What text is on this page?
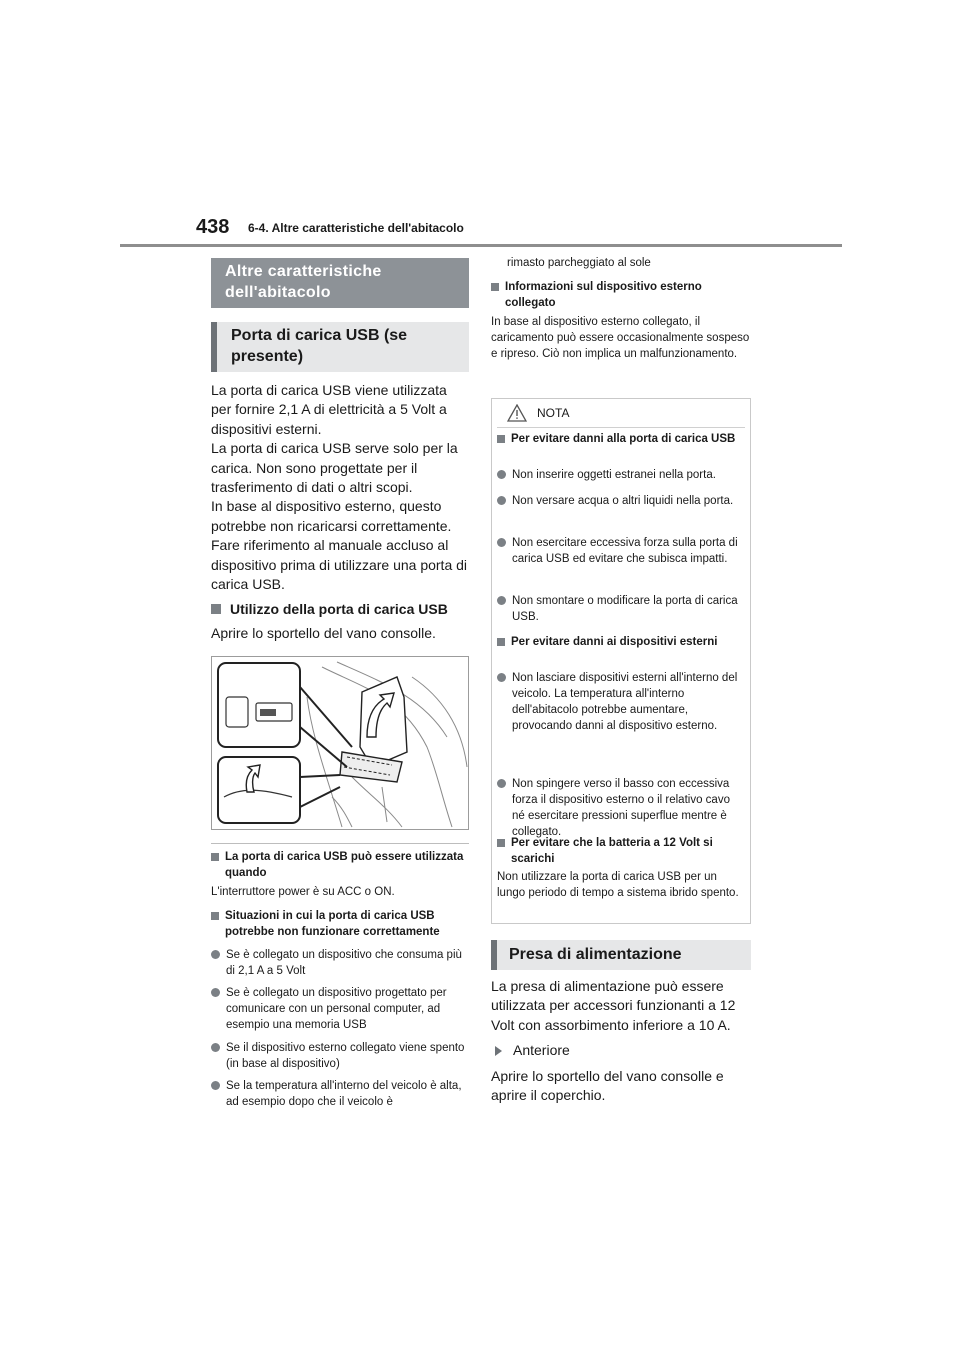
438 6-4. Altre caratteristiche dell'abitacolo
Altre caratteristiche dell'abitacolo
Porta di carica USB (se presente)
La porta di carica USB viene utilizzata per fornire 2,1 A di elettricità a 5 Volt a dispositivi esterni.
La porta di carica USB serve solo per la carica. Non sono progettate per il trasferimento di dati o altri scopi.
In base al dispositivo esterno, questo potrebbe non ricaricarsi correttamente. Fare riferimento al manuale accluso al dispositivo prima di utilizzare una porta di carica USB.
Utilizzo della porta di carica USB
Aprire lo sportello del vano consolle.
La porta di carica USB può essere utilizzata quando
L'interruttore power è su ACC o ON.
Situazioni in cui la porta di carica USB potrebbe non funzionare correttamente
Se è collegato un dispositivo che consuma più di 2,1 A a 5 Volt
Se è collegato un dispositivo progettato per comunicare con un personal computer, ad esempio una memoria USB
Se il dispositivo esterno collegato viene spento (in base al dispositivo)
Se la temperatura all'interno del veicolo è alta, ad esempio dopo che il veicolo è
rimasto parcheggiato al sole
Informazioni sul dispositivo esterno collegato
In base al dispositivo esterno collegato, il caricamento può essere occasionalmente sospeso e ripreso. Ciò non implica un malfunzionamento.
NOTA
Per evitare danni alla porta di carica USB
Non inserire oggetti estranei nella porta.
Non versare acqua o altri liquidi nella porta.
Non esercitare eccessiva forza sulla porta di carica USB ed evitare che subisca impatti.
Non smontare o modificare la porta di carica USB.
Per evitare danni ai dispositivi esterni
Non lasciare dispositivi esterni all'interno del veicolo. La temperatura all'interno dell'abitacolo potrebbe aumentare, provocando danni al dispositivo esterno.
Non spingere verso il basso con eccessiva forza il dispositivo esterno o il relativo cavo né esercitare pressioni superflue mentre è collegato.
Per evitare che la batteria a 12 Volt si scarichi
Non utilizzare la porta di carica USB per un lungo periodo di tempo a sistema ibrido spento.
Presa di alimentazione
La presa di alimentazione può essere utilizzata per accessori funzionanti a 12 Volt con assorbimento inferiore a 10 A.
Anteriore
Aprire lo sportello del vano consolle e aprire il coperchio.
